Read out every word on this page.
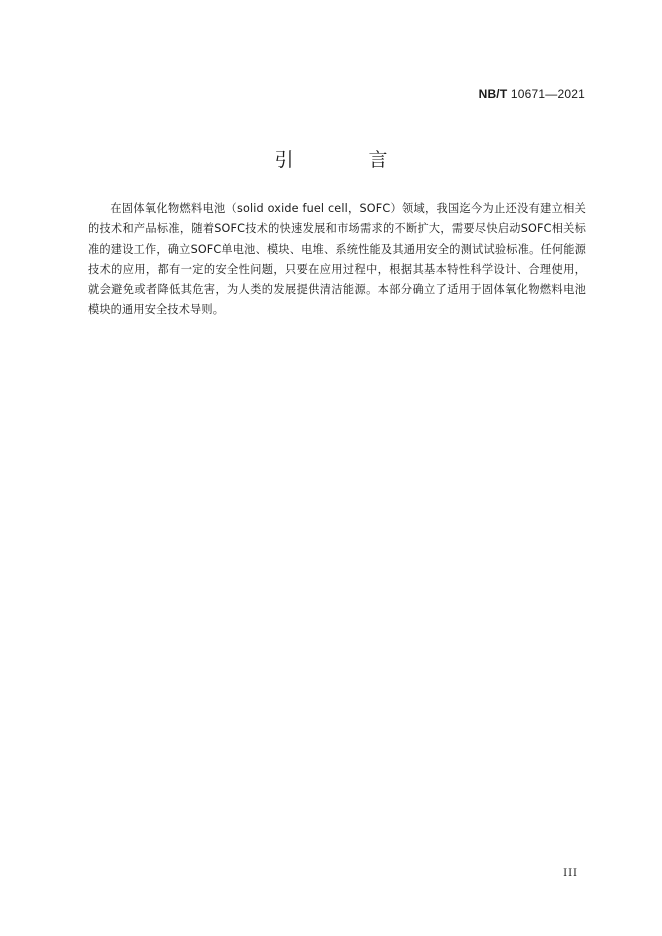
NB/T 10671—2021
引　言

在固体氧化物燃料电池（solid oxide fuel cell，SOFC）领域，我国迄今为止还没有建立相关的技术和产品标准，随着SOFC技术的快速发展和市场需求的不断扩大，需要尽快启动SOFC相关标准的建设工作，确立SOFC单电池、模块、电堆、系统性能及其通用安全的测试试验标准。任何能源技术的应用，都有一定的安全性问题，只要在应用过程中，根据其基本特性科学设计、合理使用，就会避免或者降低其危害，为人类的发展提供清洁能源。本部分确立了适用于固体氧化物燃料电池模块的通用安全技术导则。

III
